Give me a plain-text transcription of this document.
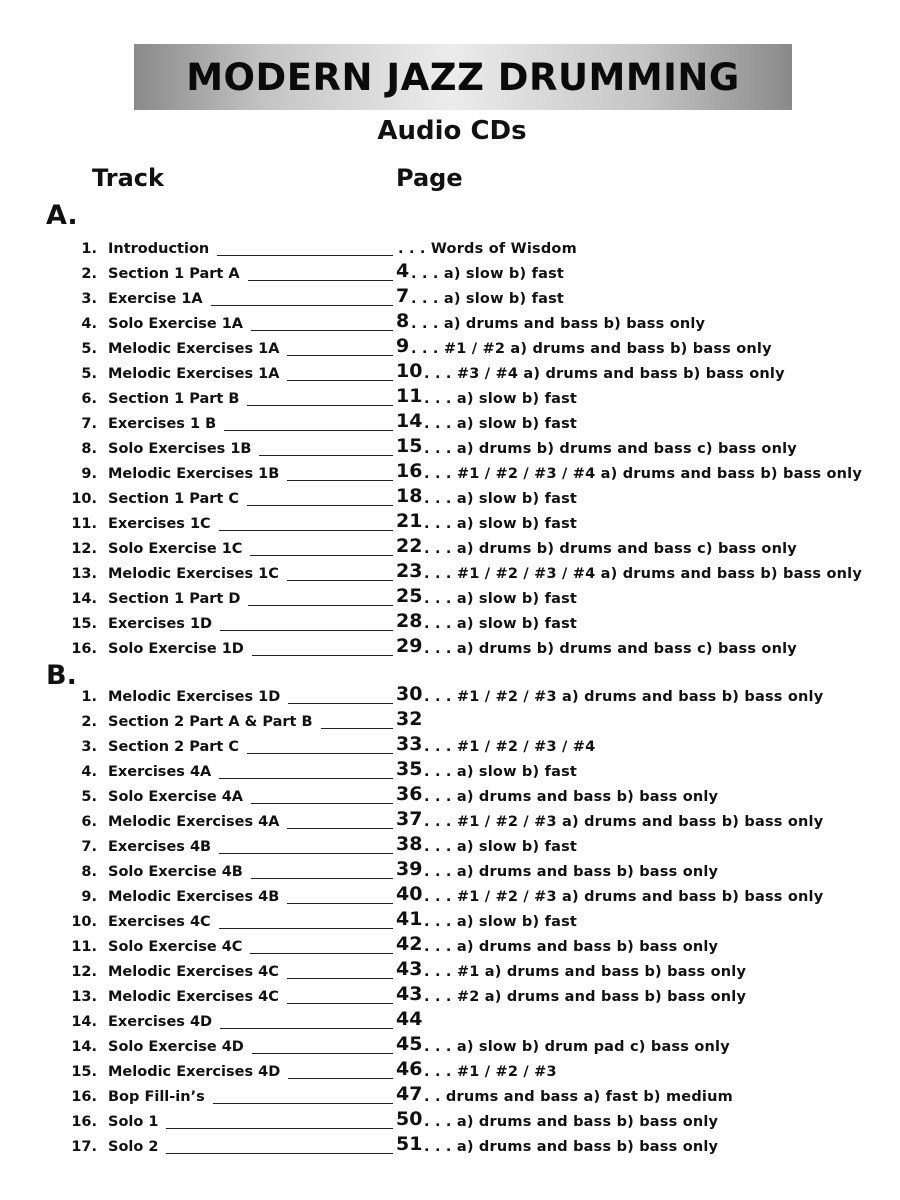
MODERN JAZZ DRUMMING
Audio CDs
Track	Page
A.
1. Introduction	. . . Words of Wisdom
2. Section 1 Part A	4 . . . a) slow b) fast
3. Exercise 1A	7 . . . a) slow b) fast
4. Solo Exercise 1A	8 . . . a) drums and bass b) bass only
5. Melodic Exercises 1A	9 . . . #1 / #2 a) drums and bass b) bass only
5. Melodic Exercises 1A	10 . . . #3 / #4 a) drums and bass b) bass only
6. Section 1 Part B	11 . . . a) slow b) fast
7. Exercises 1 B	14 . . . a) slow b) fast
8. Solo Exercises 1B	15 . . . a) drums b) drums and bass c) bass only
9. Melodic Exercises 1B	16 . . . #1 / #2 / #3 / #4 a) drums and bass b) bass only
10. Section 1 Part C	18 . . . a) slow b) fast
11. Exercises 1C	21 . . . a) slow b) fast
12. Solo Exercise 1C	22 . . . a) drums b) drums and bass c) bass only
13. Melodic Exercises 1C	23 . . . #1 / #2 / #3 / #4 a) drums and bass b) bass only
14. Section 1 Part D	25 . . . a) slow b) fast
15. Exercises 1D	28 . . . a) slow b) fast
16. Solo Exercise 1D	29 . . . a) drums b) drums and bass c) bass only
B.
1. Melodic Exercises 1D	30 . . . #1 / #2 / #3 a) drums and bass b) bass only
2. Section 2 Part A & Part B	32
3. Section 2 Part C	33 . . . #1 / #2 / #3 / #4
4. Exercises 4A	35 . . . a) slow b) fast
5. Solo Exercise 4A	36 . . . a) drums and bass b) bass only
6. Melodic Exercises 4A	37 . . . #1 / #2 / #3 a) drums and bass b) bass only
7. Exercises 4B	38 . . . a) slow b) fast
8. Solo Exercise 4B	39 . . . a) drums and bass b) bass only
9. Melodic Exercises 4B	40 . . . #1 / #2 / #3 a) drums and bass b) bass only
10. Exercises 4C	41 . . . a) slow b) fast
11. Solo Exercise 4C	42 . . . a) drums and bass b) bass only
12. Melodic Exercises 4C	43 . . . #1 a) drums and bass b) bass only
13. Melodic Exercises 4C	43 . . . #2 a) drums and bass b) bass only
14. Exercises 4D	44
14. Solo Exercise 4D	45 . . . a) slow b) drum pad c) bass only
15. Melodic Exercises 4D	46 . . . #1 / #2 / #3
16. Bop Fill-in’s	47 . . drums and bass a) fast b) medium
16. Solo 1	50 . . . a) drums and bass b) bass only
17. Solo 2	51 . . . a) drums and bass b) bass only
